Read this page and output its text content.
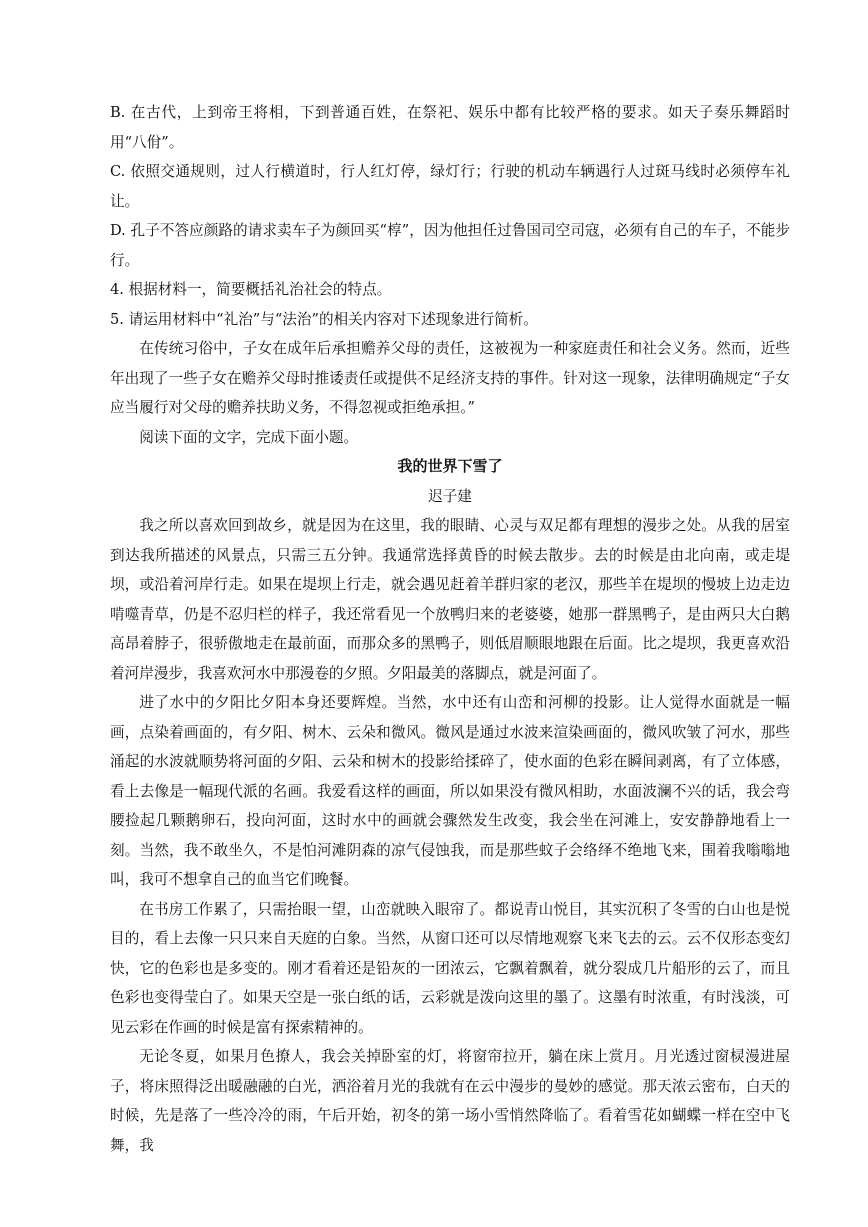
B. 在古代，上到帝王将相，下到普通百姓，在祭祀、娱乐中都有比较严格的要求。如天子奏乐舞蹈时用“八佾”。

C. 依照交通规则，过人行横道时，行人红灯停，绿灯行；行驶的机动车辆遇行人过斑马线时必须停车礼让。

D. 孔子不答应颜路的请求卖车子为颜回买“椁”，因为他担任过鲁国司空司寇，必须有自己的车子，不能步行。

4. 根据材料一，简要概括礼治社会的特点。

5. 请运用材料中“礼治”与“法治”的相关内容对下述现象进行简析。

在传统习俗中，子女在成年后承担赡养父母的责任，这被视为一种家庭责任和社会义务。然而，近些年出现了一些子女在赡养父母时推诿责任或提供不足经济支持的事件。针对这一现象，法律明确规定“子女应当履行对父母的赡养扶助义务，不得忽视或拒绝承担。”

阅读下面的文字，完成下面小题。

我的世界下雪了

迟子建

我之所以喜欢回到故乡，就是因为在这里，我的眼睛、心灵与双足都有理想的漫步之处。从我的居室到达我所描述的风景点，只需三五分钟。我通常选择黄昏的时候去散步。去的时候是由北向南，或走堤坝，或沿着河岸行走。如果在堤坝上行走，就会遇见赶着羊群归家的老汉，那些羊在堤坝的慢坡上边走边啃噬青草，仍是不忍归栏的样子，我还常看见一个放鸭归来的老婆婆，她那一群黑鸭子，是由两只大白鹅高昂着脖子，很骄傲地走在最前面，而那众多的黑鸭子，则低眉顺眼地跟在后面。比之堤坝，我更喜欢沿着河岸漫步，我喜欢河水中那漫卷的夕照。夕阳最美的落脚点，就是河面了。

进了水中的夕阳比夕阳本身还要辉煌。当然，水中还有山峦和河柳的投影。让人觉得水面就是一幅画，点染着画面的，有夕阳、树木、云朵和微风。微风是通过水波来渲染画面的，微风吹皱了河水，那些涌起的水波就顺势将河面的夕阳、云朵和树木的投影给揉碎了，使水面的色彩在瞬间剥离，有了立体感，看上去像是一幅现代派的名画。我爱看这样的画面，所以如果没有微风相助，水面波澜不兴的话，我会弯腰捡起几颗鹅卵石，投向河面，这时水中的画就会骤然发生改变，我会坐在河滩上，安安静静地看上一刻。当然，我不敢坐久，不是怕河滩阴森的凉气侵蚀我，而是那些蚊子会络绎不绝地飞来，围着我嗡嗡地叫，我可不想拿自己的血当它们晚餐。

在书房工作累了，只需抬眼一望，山峦就映入眼帘了。都说青山悦目，其实沉积了冬雪的白山也是悦目的，看上去像一只只来自天庭的白象。当然，从窗口还可以尽情地观察飞来飞去的云。云不仅形态变幻快，它的色彩也是多变的。刚才看着还是铅灰的一团浓云，它飘着飘着，就分裂成几片船形的云了，而且色彩也变得莹白了。如果天空是一张白纸的话，云彩就是泼向这里的墨了。这墨有时浓重，有时浅淡，可见云彩在作画的时候是富有探索精神的。

无论冬夏，如果月色撩人，我会关掉卧室的灯，将窗帘拉开，躺在床上赏月。月光透过窗棂漫进屋子，将床照得泛出暖融融的白光，洒浴着月光的我就有在云中漫步的曼妙的感觉。那天浓云密布，白天的时候，先是落了一些冷冷的雨，午后开始，初冬的第一场小雪悄然降临了。看着雪花如蝴蝶一样在空中飞舞，我
